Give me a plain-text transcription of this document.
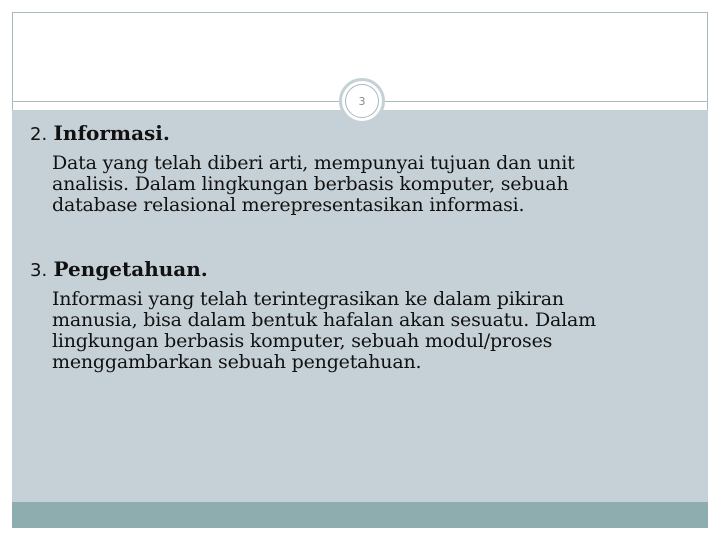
3

2. Informasi.

Data yang telah diberi arti, mempunyai tujuan dan unit
analisis. Dalam lingkungan berbasis komputer, sebuah
database relasional merepresentasikan informasi.

3. Pengetahuan.

Informasi yang telah terintegrasikan ke dalam pikiran
manusia, bisa dalam bentuk hafalan akan sesuatu. Dalam
lingkungan berbasis komputer, sebuah modul/proses
menggambarkan sebuah pengetahuan.
